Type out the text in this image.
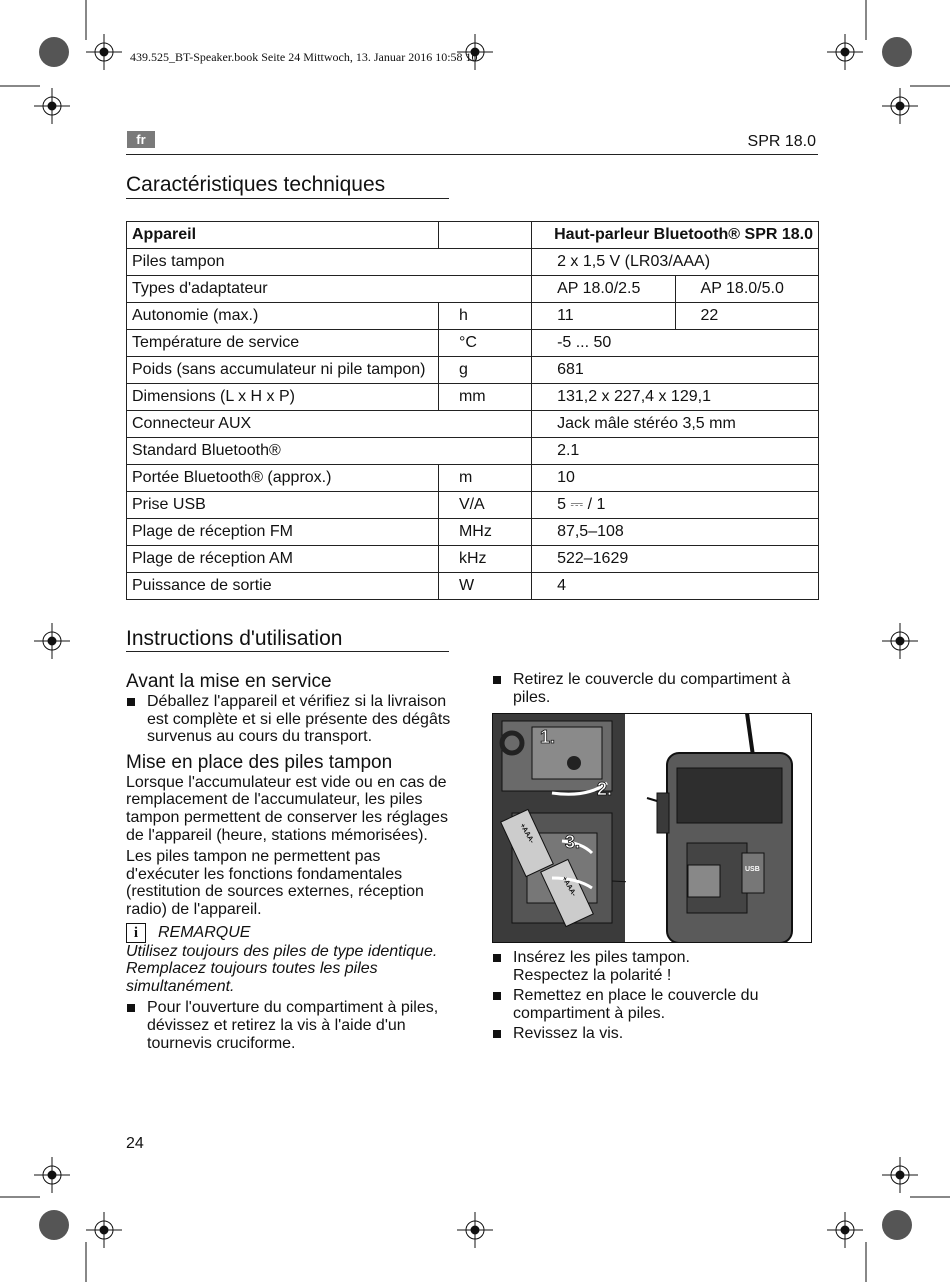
439.525_BT-Speaker.book Seite 24 Mittwoch, 13. Januar 2016 10:58 10
fr	SPR 18.0
Caractéristiques techniques
Appareil		Haut-parleur Bluetooth® SPR 18.0	
Piles tampon		2 x 1,5 V (LR03/AAA)	
Types d'adaptateur		AP 18.0/2.5	AP 18.0/5.0
Autonomie (max.)	h	11	22
Température de service	°C	-5 ... 50	
Poids (sans accumulateur ni pile tampon)	g	681	
Dimensions (L x H x P)	mm	131,2 x 227,4 x 129,1	
Connecteur AUX		Jack mâle stéréo 3,5 mm	
Standard Bluetooth®		2.1	
Portée Bluetooth® (approx.)	m	10	
Prise USB	V/A	5 ⎓ / 1	
Plage de réception FM	MHz	87,5–108	
Plage de réception AM	kHz	522–1629	
Puissance de sortie	W	4	
Instructions d'utilisation
Avant la mise en service
Déballez l'appareil et vérifiez si la livraison est complète et si elle présente des dégâts survenus au cours du transport.
Mise en place des piles tampon

Lorsque l'accumulateur est vide ou en cas de remplacement de l'accumulateur, les piles tampon permettent de conserver les réglages de l'appareil (heure, stations mémorisées).

Les piles tampon ne permettent pas d'exécuter les fonctions fondamentales (restitution de sources externes, réception radio) de l'appareil.

i	REMARQUE

Utilisez toujours des piles de type identique. Remplacez toujours toutes les piles simultanément.

Pour l'ouverture du compartiment à piles, dévissez et retirez la vis à l'aide d'un tournevis cruciforme.
Retirez le couvercle du compartiment à piles.
1.
2.
3.
+AAA-
+AAA-
USB
Insérez les piles tampon.
Respectez la polarité !
Remettez en place le couvercle du compartiment à piles.
Revissez la vis.
24
